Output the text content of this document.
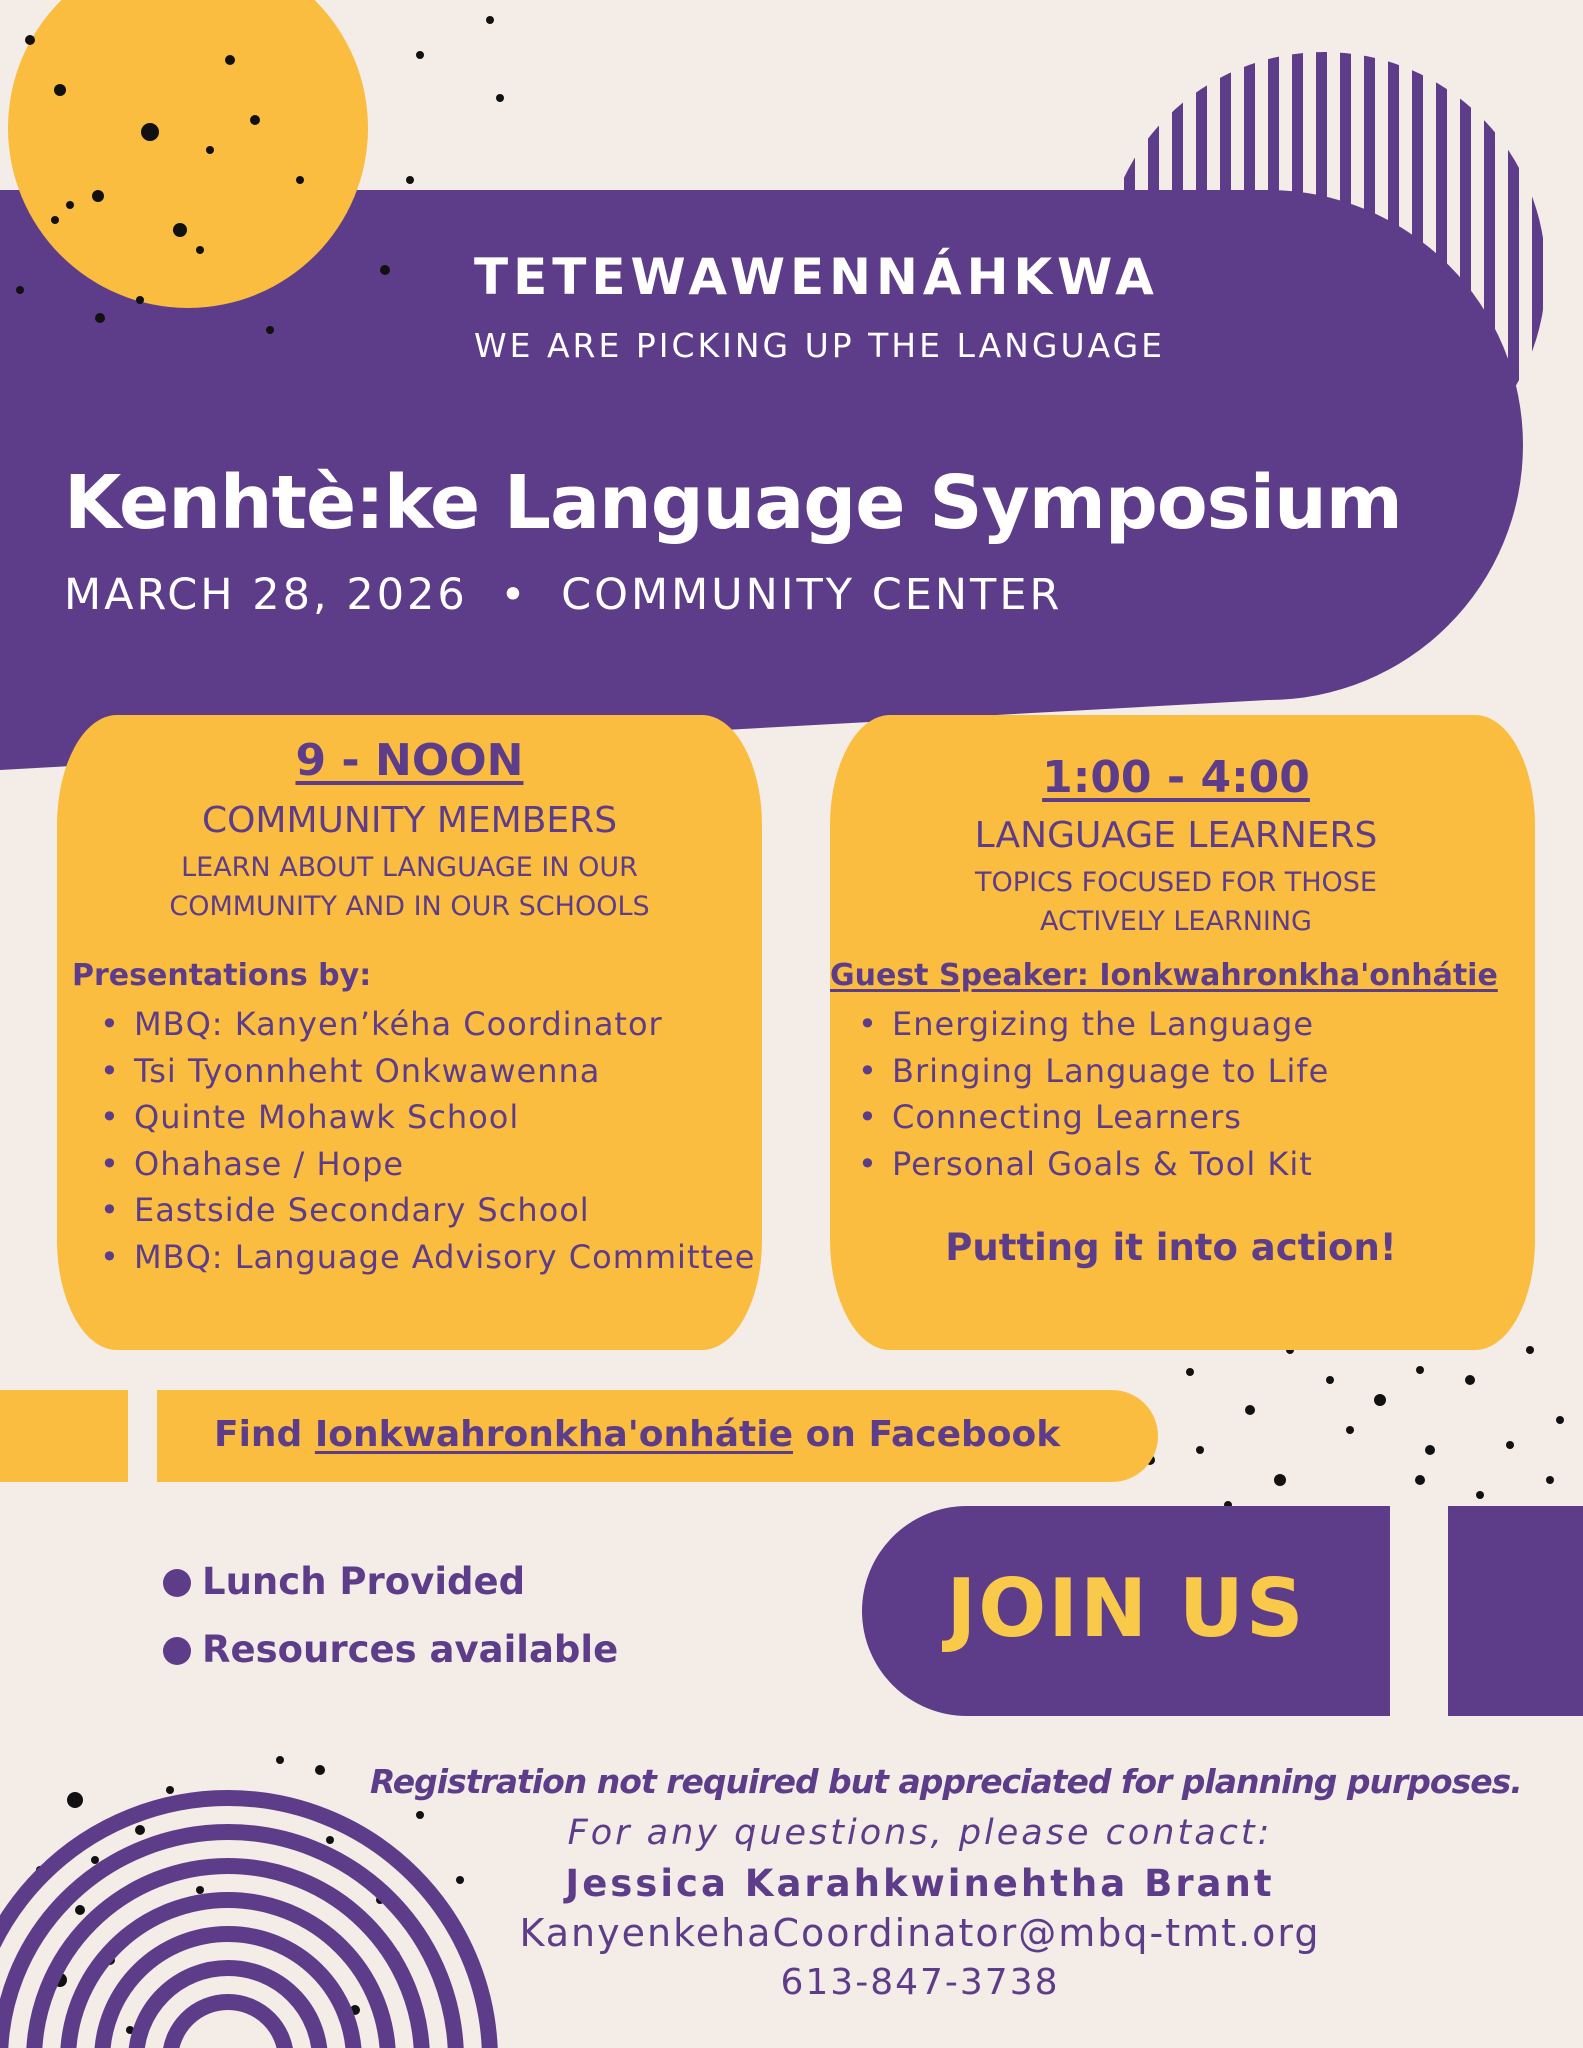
TETEWAWENNÁHKWA
WE ARE PICKING UP THE LANGUAGE
Kenhtè:ke Language Symposium
MARCH 28, 2026 • COMMUNITY CENTER
9 - NOON
COMMUNITY MEMBERS
LEARN ABOUT LANGUAGE IN OUR
COMMUNITY AND IN OUR SCHOOLS
Presentations by:
• MBQ: Kanyen’kéha Coordinator
• Tsi Tyonnheht Onkwawenna
• Quinte Mohawk School
• Ohahase / Hope
• Eastside Secondary School
• MBQ: Language Advisory Committee
1:00 - 4:00
LANGUAGE LEARNERS
TOPICS FOCUSED FOR THOSE
ACTIVELY LEARNING
Guest Speaker: Ionkwahronkha'onhátie
• Energizing the Language
• Bringing Language to Life
• Connecting Learners
• Personal Goals & Tool Kit
Putting it into action!
Find Ionkwahronkha'onhátie on Facebook
Lunch Provided
Resources available	JOIN US
Registration not required but appreciated for planning purposes.
For any questions, please contact:
Jessica Karahkwinehtha Brant
KanyenkehaCoordinator@mbq-tmt.org
613-847-3738
